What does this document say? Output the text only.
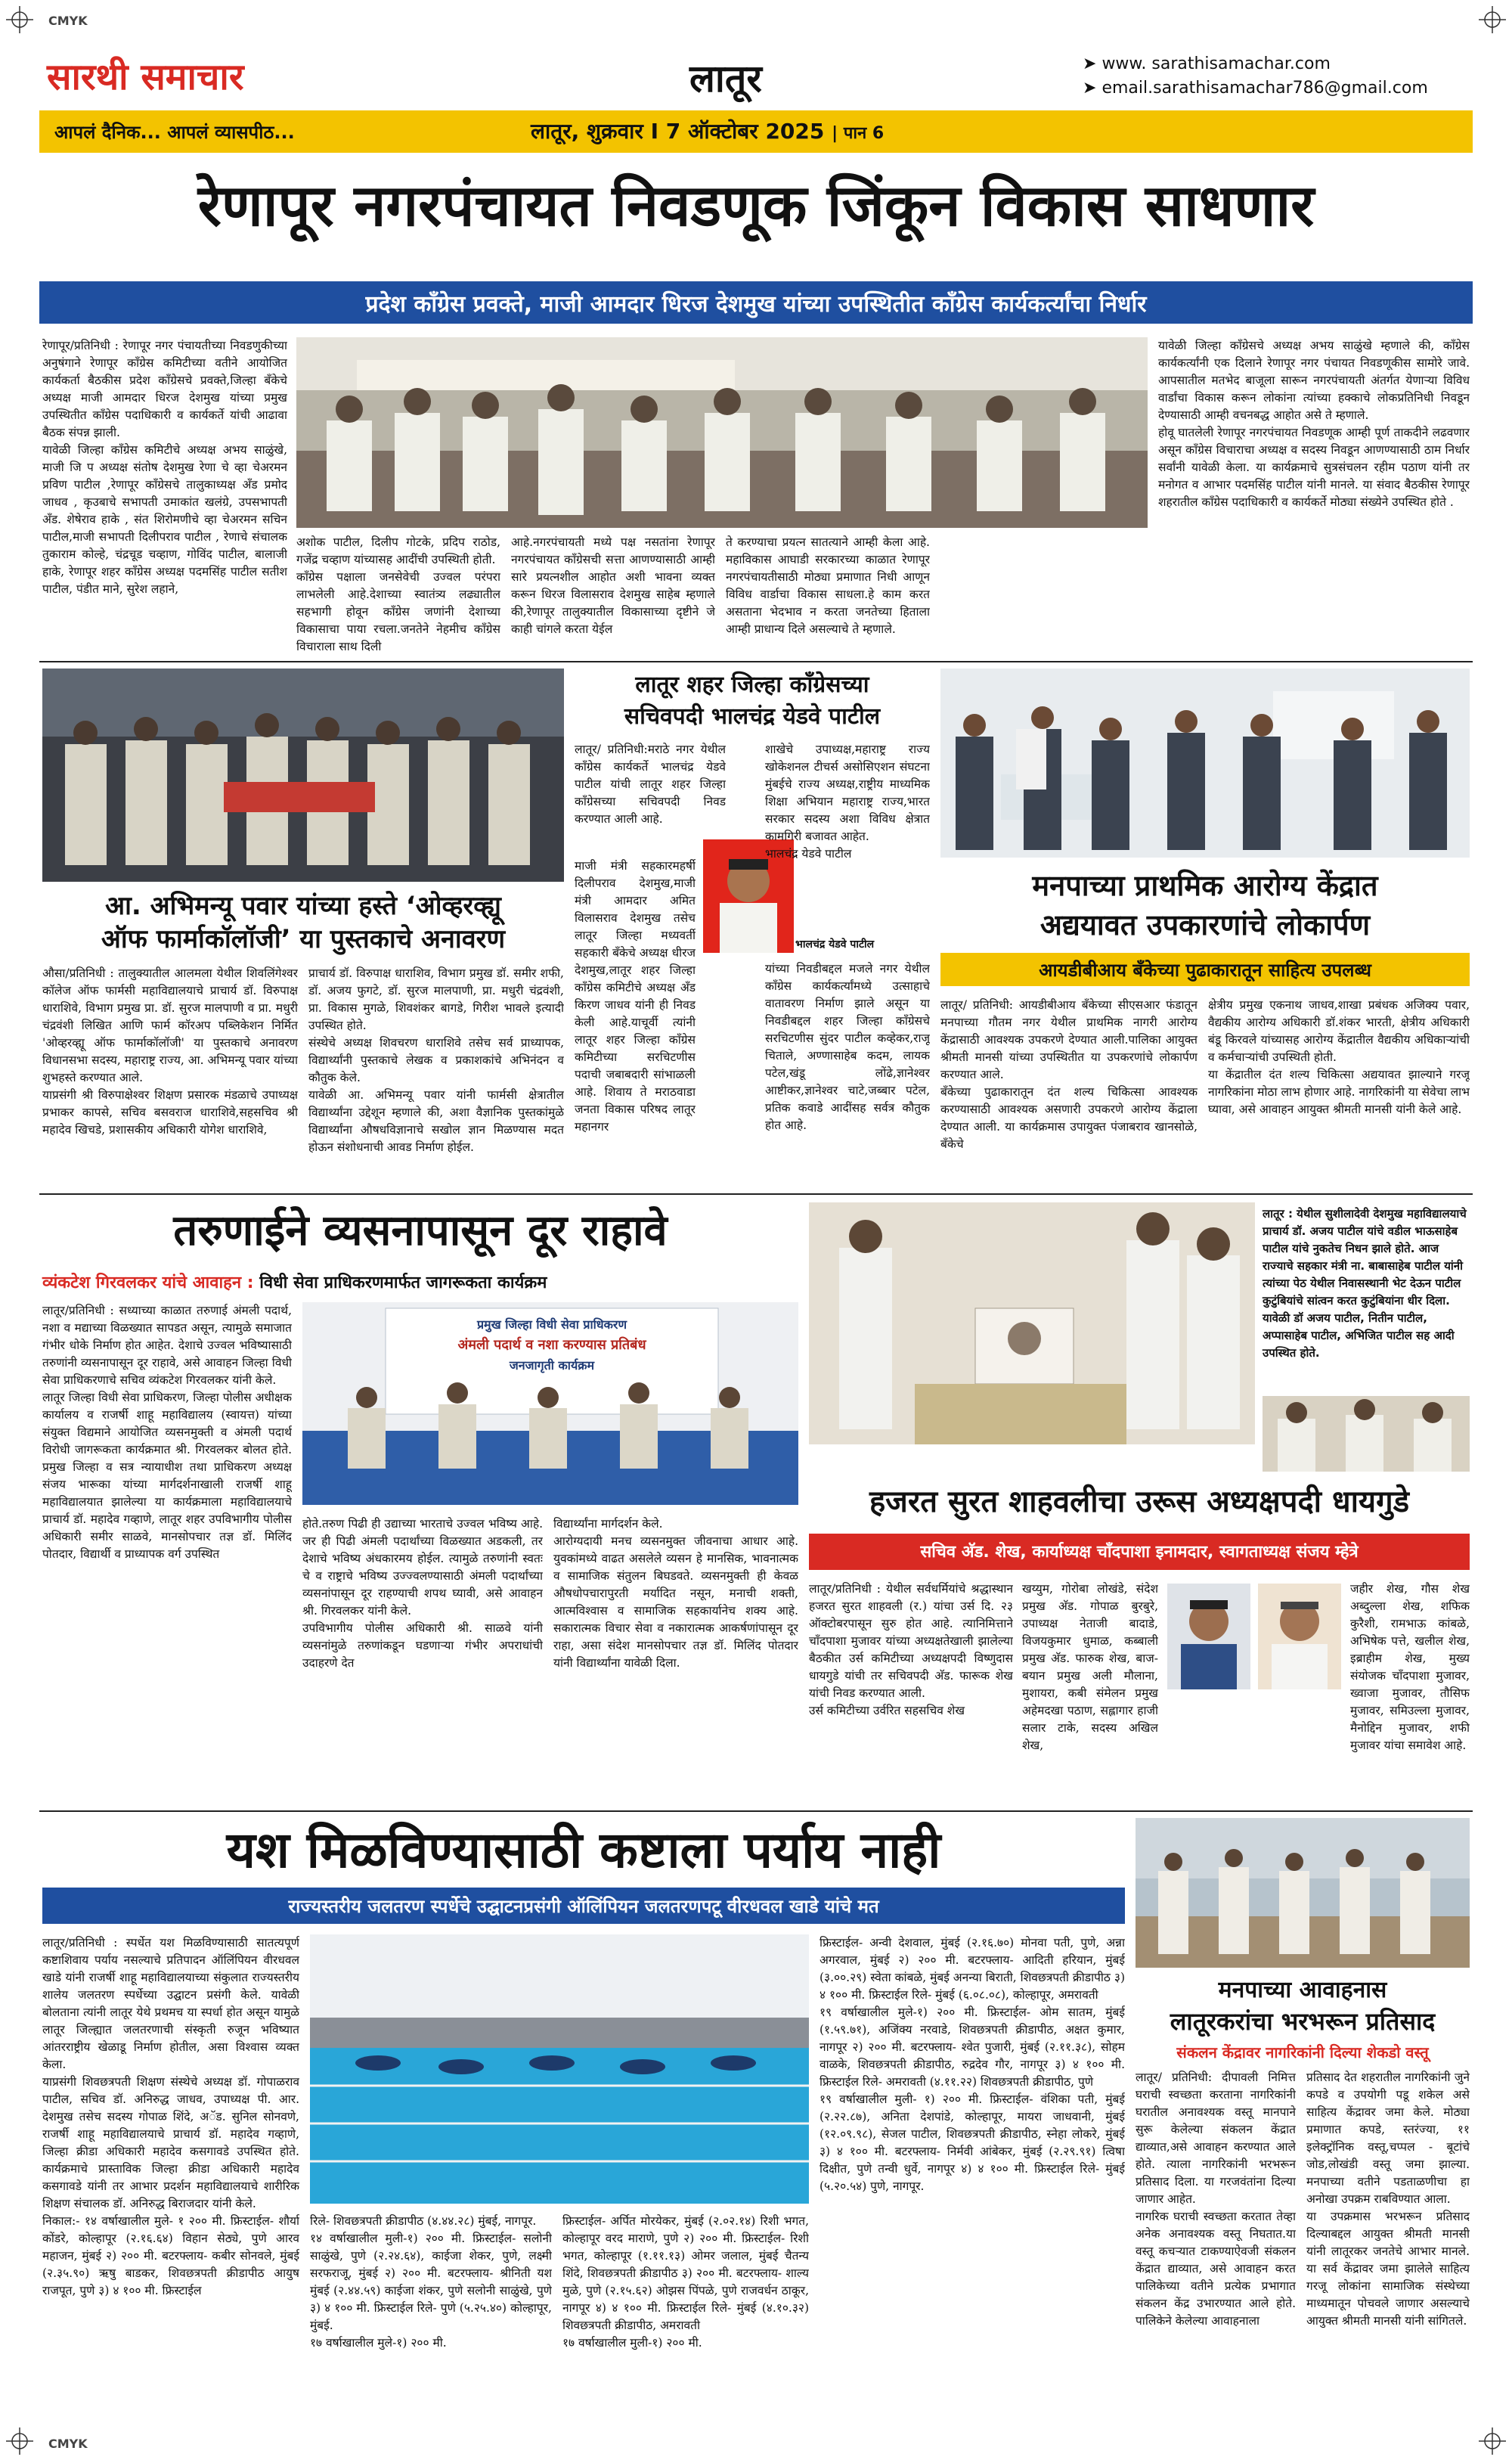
CMYK
CMYK
सारथी समाचार	लातूर	➤ www. sarathisamachar.com
➤ email.sarathisamachar786@gmail.com
आपलं दैनिक... आपलं व्यासपीठ...	लातूर, शुक्रवार I 7 ऑक्टोबर 2025 | पान 6
रेणापूर नगरपंचायत निवडणूक जिंकून विकास साधणार
प्रदेश काँग्रेस प्रवक्ते, माजी आमदार धिरज देशमुख यांच्या उपस्थितीत काँग्रेस कार्यकर्त्यांचा निर्धार
रेणापूर/प्रतिनिधी : रेणापूर नगर पंचायतीच्या निवडणुकीच्या अनुषंगाने रेणापूर कॉंग्रेस कमिटीच्या वतीने आयोजित कार्यकर्ता बैठकीस प्रदेश काँग्रेसचे प्रवक्ते,जिल्हा बँकेचे अध्यक्ष माजी आमदार धिरज देशमुख यांच्या प्रमुख उपस्थितीत काँग्रेस पदाधिकारी व कार्यकर्ते यांची आढावा बैठक संपन्न झाली.
यावेळी जिल्हा कॉंग्रेस कमिटीचे अध्यक्ष अभय साळुंखे, माजी जि प अध्यक्ष संतोष देशमुख रेणा चे व्हा चेअरमन प्रविण पाटील ,रेणापूर कॉंग्रेसचे तालुकाध्यक्ष अँड प्रमोद जाधव , कृउबाचे सभापती उमाकांत खलंग्रे, उपसभापती अँड. शेषेराव हाके , संत शिरोमणीचे व्हा चेअरमन सचिन पाटील,माजी सभापती दिलीपराव पाटील , रेणाचे संचालक तुकाराम कोल्हे, चंद्रचूड चव्हाण, गोविंद पाटील, बालाजी हाके, रेणापूर शहर कॉंग्रेस अध्यक्ष पदमसिंह पाटील सतीश पाटील, पंडीत माने, सुरेश लहाने,
अशोक पाटील, दिलीप गोटके, प्रदिप राठोड, गजेंद्र चव्हाण यांच्यासह आदींची उपस्थिती होती.
कॉंग्रेस पक्षाला जनसेवेची उज्वल परंपरा लाभलेली आहे.देशाच्या स्वातंत्र्य लढ्यातील सहभागी होवून कॉंग्रेस जणांनी देशाच्या विकासाचा पाया रचला.जनतेने नेहमीच कॉंग्रेस विचाराला साथ दिली
आहे.नगरपंचायती मध्ये पक्ष नसतांना रेणापूर नगरपंचायत कॉंग्रेसची सत्ता आणण्यासाठी आम्ही सारे प्रयत्नशील आहोत अशी भावना व्यक्त करून धिरज विलासराव देशमुख साहेब म्हणाले की,रेणापूर तालुक्यातील विकासाच्या दृष्टीने जे काही चांगले करता येईल
ते करण्याचा प्रयत्न सातत्याने आम्ही केला आहे. महाविकास आघाडी सरकारच्या काळात रेणापूर नगरपंचायतीसाठी मोठ्या प्रमाणात निधी आणून विविध वार्डाचा विकास साधला.हे काम करत असताना भेदभाव न करता जनतेच्या हिताला आम्ही प्राधान्य दिले असल्याचे ते म्हणाले.
यावेळी जिल्हा कॉंग्रेसचे अध्यक्ष अभय साळुंखे म्हणाले की, कॉंग्रेस कार्यकर्त्यांनी एक दिलाने रेणापूर नगर पंचायत निवडणूकीस सामोरे जावे. आपसातील मतभेद बाजूला सारून नगरपंचायती अंतर्गत येणाऱ्या विविध वार्डांचा विकास करून लोकांना त्यांच्या हक्काचे लोकप्रतिनिधी निवडून देण्यासाठी आम्ही वचनबद्ध आहोत असे ते म्हणाले.
होवू घातलेली रेणापूर नगरपंचायत निवडणूक आम्ही पूर्ण ताकदीने लढवणार असून कॉंग्रेस विचाराचा अध्यक्ष व सदस्य निवडून आणण्यासाठी ठाम निर्धार सर्वांनी यावेळी केला. या कार्यक्रमाचे सुत्रसंचलन रहीम पठाण यांनी तर मनोगत व आभार पदमसिंह पाटील यांनी मानले. या संवाद बैठकीस रेणापूर शहरातील काँग्रेस पदाधिकारी व कार्यकर्ते मोठ्या संख्येने उपस्थित होते .
आ. अभिमन्यू पवार यांच्या हस्ते ‘ओव्हरव्ह्यू
ऑफ फार्माकॉलॉजी’ या पुस्तकाचे अनावरण
औसा/प्रतिनिधी : तालुक्यातील आलमला येथील शिवलिंगेश्वर कॉलेज ऑफ फार्मसी महाविद्यालयाचे प्राचार्य डॉ. विरुपाक्ष धाराशिवे, विभाग प्रमुख प्रा. डॉ. सुरज मालपाणी व प्रा. मधुरी चंद्रवंशी लिखित आणि फार्म कॉरअप पब्लिकेशन निर्मित 'ओव्हरव्ह्यू ऑफ फार्माकॉलॉजी' या पुस्तकाचे अनावरण विधानसभा सदस्य, महाराष्ट्र राज्य, आ. अभिमन्यू पवार यांच्या शुभहस्ते करण्यात आले.
याप्रसंगी श्री विरुपाक्षेश्वर शिक्षण प्रसारक मंडळाचे उपाध्यक्ष प्रभाकर कापसे, सचिव बसवराज धाराशिवे,सहसचिव श्री महादेव खिचडे, प्रशासकीय अधिकारी योगेश धाराशिवे,
प्राचार्य डॉ. विरुपाक्ष धाराशिव, विभाग प्रमुख डॉ. समीर शफी, डॉ. अजय फुगटे, डॉ. सुरज मालपाणी, प्रा. मधुरी चंद्रवंशी, प्रा. विकास मुगळे, शिवशंकर बागडे, गिरीश भावले इत्यादी उपस्थित होते.
संस्थेचे अध्यक्ष शिवचरण धाराशिवे तसेच सर्व प्राध्यापक, विद्यार्थ्यांनी पुस्तकाचे लेखक व प्रकाशकांचे अभिनंदन व कौतुक केले.
यावेळी आ. अभिमन्यू पवार यांनी फार्मसी क्षेत्रातील विद्यार्थ्यांना उद्देशून म्हणाले की, अशा वैज्ञानिक पुस्तकांमुळे विद्यार्थ्यांना औषधविज्ञानाचे सखोल ज्ञान मिळण्यास मदत होऊन संशोधनाची आवड निर्माण होईल.
लातूर शहर जिल्हा काँग्रेसच्या
सचिवपदी भालचंद्र येडवे पाटील
लातूर/ प्रतिनिधी:मराठे नगर येथील कॉंग्रेस कार्यकर्ते भालचंद्र येडवे पाटील यांची लातूर शहर जिल्हा कॉंग्रेसच्या सचिवपदी निवड करण्यात आली आहे.
भालचंद्र येडवे पाटील
माजी मंत्री सहकारमहर्षी दिलीपराव देशमुख,माजी मंत्री आमदार अमित विलासराव देशमुख तसेच लातूर जिल्हा मध्यवर्ती सहकारी बँकेचे अध्यक्ष धीरज देशमुख,लातूर शहर जिल्हा कॉंग्रेस कमिटीचे अध्यक्ष अँड किरण जाधव यांनी ही निवड केली आहे.याचूर्वी त्यांनी लातूर शहर जिल्हा कॉंग्रेस कमिटीच्या सरचिटणीस पदाची जबाबदारी सांभाळली आहे. शिवाय ते मराठवाडा जनता विकास परिषद लातूर महानगर
शाखेचे उपाध्यक्ष,महाराष्ट्र राज्य खोकेशनल टीचर्स असोसिएशन संघटना मुंबईचे राज्य अध्यक्ष,राष्ट्रीय माध्यमिक शिक्षा अभियान महाराष्ट्र राज्य,भारत सरकार सदस्य अशा विविध क्षेत्रात कामगिरी बजावत आहेत.
भालचंद्र येडवे पाटील
यांच्या निवडीबद्दल मजले नगर येथील कॉंग्रेस कार्यकर्त्यांमध्ये उत्साहाचे वातावरण निर्माण झाले असून या निवडीबद्दल शहर जिल्हा कॉंग्रेसचे सरचिटणीस सुंदर पाटील कव्हेकर,राजू चिताले, अण्णासाहेब कदम, लायक पटेल,खंडू लोंढे,ज्ञानेश्वर आष्टीकर,ज्ञानेश्वर चाटे,जब्बार पटेल, प्रतिक कवाडे आदींसह सर्वत्र कौतुक होत आहे.
मनपाच्या प्राथमिक आरोग्य केंद्रात
अद्ययावत उपकारणांचे लोकार्पण
आयडीबीआय बँकेच्या पुढाकारातून साहित्य उपलब्ध
लातूर/ प्रतिनिधी: आयडीबीआय बँकेच्या सीएसआर फंडातून मनपाच्या गौतम नगर येथील प्राथमिक नागरी आरोग्य केंद्रासाठी आवश्यक उपकरणे देण्यात आली.पालिका आयुक्त श्रीमती मानसी यांच्या उपस्थितीत या उपकरणांचे लोकार्पण करण्यात आले.
बँकेच्या पुढाकारातून दंत शल्य चिकित्सा आवश्यक करण्यासाठी आवश्यक असणारी उपकरणे आरोग्य केंद्राला देण्यात आली. या कार्यक्रमास उपायुक्त पंजाबराव खानसोळे, बँकेचे
क्षेत्रीय प्रमुख एकनाथ जाधव,शाखा प्रबंधक अजिक्य पवार, वैद्यकीय आरोग्य अधिकारी डॉ.शंकर भारती, क्षेत्रीय अधिकारी बंडू किरवले यांच्यासह आरोग्य केंद्रातील वैद्यकीय अधिकाऱ्यांची व कर्मचाऱ्यांची उपस्थिती होती.
या केंद्रातील दंत शल्य चिकित्सा अद्ययावत झाल्याने गरजू नागरिकांना मोठा लाभ होणार आहे. नागरिकांनी या सेवेचा लाभ घ्यावा, असे आवाहन आयुक्त श्रीमती मानसी यांनी केले आहे.
तरुणाईने व्यसनापासून दूर राहावे
व्यंकटेश गिरवलकर यांचे आवाहन : विधी सेवा प्राधिकरणमार्फत जागरूकता कार्यक्रम
लातूर/प्रतिनिधी : सध्याच्या काळात तरुणाई अंमली पदार्थ, नशा व मद्याच्या विळख्यात सापडत असून, त्यामुळे समाजात गंभीर धोके निर्माण होत आहेत. देशाचे उज्वल भविष्यासाठी तरुणांनी व्यसनापासून दूर राहावे, असे आवाहन जिल्हा विधी सेवा प्राधिकरणाचे सचिव व्यंकटेश गिरवलकर यांनी केले.
लातूर जिल्हा विधी सेवा प्राधिकरण, जिल्हा पोलीस अधीक्षक कार्यालय व राजर्षी शाहू महाविद्यालय (स्वायत्त) यांच्या संयुक्त विद्यमाने आयोजित व्यसनमुक्ती व अंमली पदार्थ विरोधी जागरूकता कार्यक्रमात श्री. गिरवलकर बोलत होते. प्रमुख जिल्हा व सत्र न्यायाधीश तथा प्राधिकरण अध्यक्ष संजय भारूका यांच्या मार्गदर्शनाखाली राजर्षी शाहू महाविद्यालयात झालेल्या या कार्यक्रमाला महाविद्यालयाचे प्राचार्य डॉ. महादेव गव्हाणे, लातूर शहर उपविभागीय पोलीस अधिकारी समीर साळवे, मानसोपचार तज्ञ डॉ. मिलिंद पोतदार, विद्यार्थी व प्राध्यापक वर्ग उपस्थित
प्रमुख जिल्हा विधी सेवा प्राधिकरण
अंमली पदार्थ व नशा करण्यास प्रतिबंध
जनजागृती कार्यक्रम
होते.तरुण पिढी ही उद्याच्या भारताचे उज्वल भविष्य आहे. जर ही पिढी अंमली पदार्थांच्या विळख्यात अडकली, तर देशाचे भविष्य अंधकारमय होईल. त्यामुळे तरुणांनी स्वतः चे व राष्ट्राचे भविष्य उज्ज्वलण्यासाठी अंमली पदार्थांच्या व्यसनांपासून दूर राहण्याची शपथ घ्यावी, असे आवाहन श्री. गिरवलकर यांनी केले.
उपविभागीय पोलीस अधिकारी श्री. साळवे यांनी व्यसनांमुळे तरुणांकडून घडणाऱ्या गंभीर अपराधांची उदाहरणे देत
विद्यार्थ्यांना मार्गदर्शन केले.
आरोग्यदायी मनच व्यसनमुक्त जीवनाचा आधार आहे. युवकांमध्ये वाढत असलेले व्यसन हे मानसिक, भावनात्मक व सामाजिक संतुलन बिघडवते. व्यसनमुक्ती ही केवळ औषधोपचारापुरती मर्यादित नसून, मनाची शक्ती, आत्मविश्वास व सामाजिक सहकार्यानेच शक्य आहे. सकारात्मक विचार सेवा व नकारात्मक आकर्षणांपासून दूर राहा, असा संदेश मानसोपचार तज्ञ डॉ. मिलिंद पोतदार यांनी विद्यार्थ्यांना यावेळी दिला.
लातूर : येथील सुशीलादेवी देशमुख महाविद्यालयाचे प्राचार्य डॉ. अजय पाटील यांचे वडील भाऊसाहेब पाटील यांचे नुकतेच निधन झाले होते. आज राज्याचे सहकार मंत्री ना. बाबासाहेब पाटील यांनी त्यांच्या पेठ येथील निवासस्थानी भेट देऊन पाटील कुटुंबियांचे सांत्वन करत कुटुंबियांना धीर दिला. यावेळी डॉ अजय पाटील, नितीन पाटील, अप्पासाहेब पाटील, अभिजित पाटील सह आदी उपस्थित होते.
हजरत सुरत शाहवलीचा उरूस अध्यक्षपदी धायगुडे
सचिव अ‍ॅड. शेख, कार्याध्यक्ष चाँदपाशा इनामदार, स्वागताध्यक्ष संजय म्हेत्रे
लातूर/प्रतिनिधी : येथील सर्वधर्मियांचे श्रद्धास्थान हजरत सुरत शाहवली (र.) यांचा उर्स दि. २३ ऑक्टोबरपासून सुरु होत आहे. त्यानिमित्ताने चाँदपाशा मुजावर यांच्या अध्यक्षतेखाली झालेल्या बैठकीत उर्स कमिटीच्या अध्यक्षपदी विष्णुदास धायगुडे यांची तर सचिवपदी अ‍ॅड. फारूक शेख यांची निवड करण्यात आली.
उर्स कमिटीच्या उर्वरित सहसचिव शेख
खय्युम, गोरोबा लोखंडे, संदेश प्रमुख अ‍ॅड. गोपाळ बुरबुरे, उपाध्यक्ष नेताजी बादाडे, विजयकुमार धुमाळ, कब्बाली प्रमुख अ‍ॅड. फारुक शेख, बाज-बयान प्रमुख अली मौलाना, मुशायरा, कबी संमेलन प्रमुख अहेमदखा पठाण, सह्लागार हाजी सलार टाके, सदस्य अखिल शेख,
जहीर शेख, गौस शेख अब्दुल्ला शेख, शफिक कुरैशी, रामभाऊ कांबळे, अभिषेक पत्ते, खलील शेख, इब्राहीम शेख, मुख्य संयोजक चाँदपाशा मुजावर, ख्वाजा मुजावर, तौसिफ मुजावर, समिउल्ला मुजावर, मैनोद्दिन मुजावर, शफी मुजावर यांचा समावेश आहे.
यश मिळविण्यासाठी कष्टाला पर्याय नाही
राज्यस्तरीय जलतरण स्पर्धेचे उद्घाटनप्रसंगी ऑलिंपियन जलतरणपटू वीरधवल खाडे यांचे मत
लातूर/प्रतिनिधी : स्पर्धेत यश मिळविण्यासाठी सातत्यपूर्ण कष्टाशिवाय पर्याय नसल्याचे प्रतिपादन ऑलिंपियन वीरधवल खाडे यांनी राजर्षी शाहू महाविद्यालयाच्या संकुलात राज्यस्तरीय शालेय जलतरण स्पर्धेच्या उद्घाटन प्रसंगी केले. यावेळी बोलताना त्यांनी लातूर येथे प्रथमच या स्पर्धा होत असून यामुळे लातूर जिल्ह्यात जलतरणाची संस्कृती रुजून भविष्यात आंतरराष्ट्रीय खेळाडू निर्माण होतील, असा विश्वास व्यक्त केला.
याप्रसंगी शिवछत्रपती शिक्षण संस्थेचे अध्यक्ष डॉ. गोपाळराव पाटील, सचिव डॉ. अनिरुद्ध जाधव, उपाध्यक्ष पी. आर. देशमुख तसेच सदस्य गोपाळ शिंदे, अॅड. सुनिल सोनवणे, राजर्षी शाहू महाविद्यालयाचे प्राचार्य डॉ. महादेव गव्हाणे, जिल्हा क्रीडा अधिकारी महादेव कसगावडे उपस्थित होते. कार्यक्रमाचे प्रास्ताविक जिल्हा क्रीडा अधिकारी महादेव कसगावडे यांनी तर आभार प्रदर्शन महाविद्यालयाचे शारीरिक शिक्षण संचालक डॉ. अनिरुद्ध बिराजदार यांनी केले.
निकाल:- १४ वर्षाखालील मुले- १ २०० मी. फ्रिस्टाईल- शौर्या कोंडरे, कोल्हापूर (२.१६.६४) विहान सेठ्ये, पुणे आरव महाजन, मुंबई २) २०० मी. बटरफ्लाय- कबीर सोनवले, मुंबई (२.३५.९०) ऋषु बाडकर, शिवछत्रपती क्रीडापीठ आयुष राजपूत, पुणे ३) ४ १०० मी. फ्रिस्टाईल
रिले- शिवछत्रपती क्रीडापीठ (४.४४.२८) मुंबई, नागपूर.
१४ वर्षाखालील मुली-१) २०० मी. फ्रिस्टाईल- सलोनी साळुंखे, पुणे (२.२४.६४), काईजा शेकर, पुणे, लक्ष्मी सरफराजू, मुंबई २) २०० मी. बटरफ्लाय- श्रीनिती यश मुंबई (२.४४.५९) काईजा शंकर, पुणे सलोनी साळुंखे, पुणे ३) ४ १०० मी. फ्रिस्टाईल रिले- पुणे (५.२५.४०) कोल्हापूर, मुंबई.
१७ वर्षाखालील मुले-१) २०० मी.
फ्रिस्टाईल- अर्पित मोरयेकर, मुंबई (२.०२.१४) रिशी भगत, कोल्हापूर वरद माराणे, पुणे २) २०० मी. फ्रिस्टाईल- रिशी भगत, कोल्हापूर (१.११.१३) ओमर जलाल, मुंबई चैतन्य शिंदे, शिवछत्रपती क्रीडापीठ ३) २०० मी. बटरफ्लाय- शाल्य मुळे, पुणे (२.१५.६२) ओझस पिंपळे, पुणे राजवर्धन ठाकूर, नागपूर ४) ४ १०० मी. फ्रिस्टाईल रिले- मुंबई (४.१०.३२) शिवछत्रपती क्रीडापीठ, अमरावती
१७ वर्षाखालील मुली-१) २०० मी.
फ्रिस्टाईल- अन्वी देशवाल, मुंबई (२.१६.७०) मोनवा पती, पुणे, अन्ना अगरवाल, मुंबई २) २०० मी. बटरफ्लाय- आदिती हरियान, मुंबई (३.००.२९) स्वेता कांबळे, मुंबई अनन्या बिराती, शिवछत्रपती क्रीडापीठ ३) ४ १०० मी. फ्रिस्टाईल रिले- मुंबई (६.०८.०८), कोल्हापूर, अमरावती
१९ वर्षाखालील मुले-१) २०० मी. फ्रिस्टाईल- ओम सातम, मुंबई (१.५९.७१), अजिंक्य नरवाडे, शिवछत्रपती क्रीडापीठ, अक्षत कुमार, नागपूर २) २०० मी. बटरफ्लाय- श्वेत पुजारी, मुंबई (२.११.३८), सोहम वाळके, शिवछत्रपती क्रीडापीठ, रुद्रदेव गौर, नागपूर ३) ४ १०० मी. फ्रिस्टाईल रिले- अमरावती (४.११.२२) शिवछत्रपती क्रीडापीठ, पुणे
१९ वर्षाखालील मुली- १) २०० मी. फ्रिस्टाईल- वंशिका पती, मुंबई (२.२२.८७), अनिता देशपांडे, कोल्हापूर, मायरा जाधवानी, मुंबई (१२.०९.९८), सेजल पाटील, शिवछत्रपती क्रीडापीठ, स्नेहा लोकरे, मुंबई ३) ४ १०० मी. बटरफ्लाय- निर्मवी आंबेकर, मुंबई (२.२९.९१) त्विषा दिक्षीत, पुणे तन्वी धुर्वे, नागपूर ४) ४ १०० मी. फ्रिस्टाईल रिले- मुंबई (५.२०.५४) पुणे, नागपूर.
मनपाच्या आवाहनास
लातूरकरांचा भरभरून प्रतिसाद
संकलन केंद्रावर नागरिकांनी दिल्या शेकडो वस्तू
लातूर/ प्रतिनिधी: दीपावली निमित्त घराची स्वच्छता करताना नागरिकांनी घरातील अनावश्यक वस्तू मानपाने सुरू केलेल्या संकलन केंद्रात द्याव्यात,असे आवाहन करण्यात आले होते. त्याला नागरिकांनी भरभरून प्रतिसाद दिला. या गरजवंतांना दिल्या जाणार आहेत.
नागरिक घराची स्वच्छता करतात तेव्हा अनेक अनावश्यक वस्तू निघतात.या वस्तू कचऱ्यात टाकण्याऐवजी संकलन केंद्रात द्याव्यात, असे आवाहन करत पालिकेच्या वतीने प्रत्येक प्रभागात संकलन केंद्र उभारण्यात आले होते. पालिकेने केलेल्या आवाहनाला
प्रतिसाद देत शहरातील नागरिकांनी जुने कपडे व उपयोगी पडू शकेल असे साहित्य केंद्रावर जमा केले. मोठ्या प्रमाणात कपडे, स्तरंज्या, ११ इलेक्ट्रॉनिक वस्तू,चप्पल - बूटांचे जोड,लोखंडी वस्तू जमा झाल्या. मनपाच्या वतीने पडताळणीचा हा अनोखा उपक्रम राबविण्यात आला.
या उपक्रमास भरभरून प्रतिसाद दिल्याबद्दल आयुक्त श्रीमती मानसी यांनी लातूरकर जनतेचे आभार मानले. या सर्व केंद्रावर जमा झालेले साहित्य गरजू लोकांना सामाजिक संस्थेच्या माध्यमातून पोचवले जाणार असल्याचे आयुक्त श्रीमती मानसी यांनी सांगितले.
